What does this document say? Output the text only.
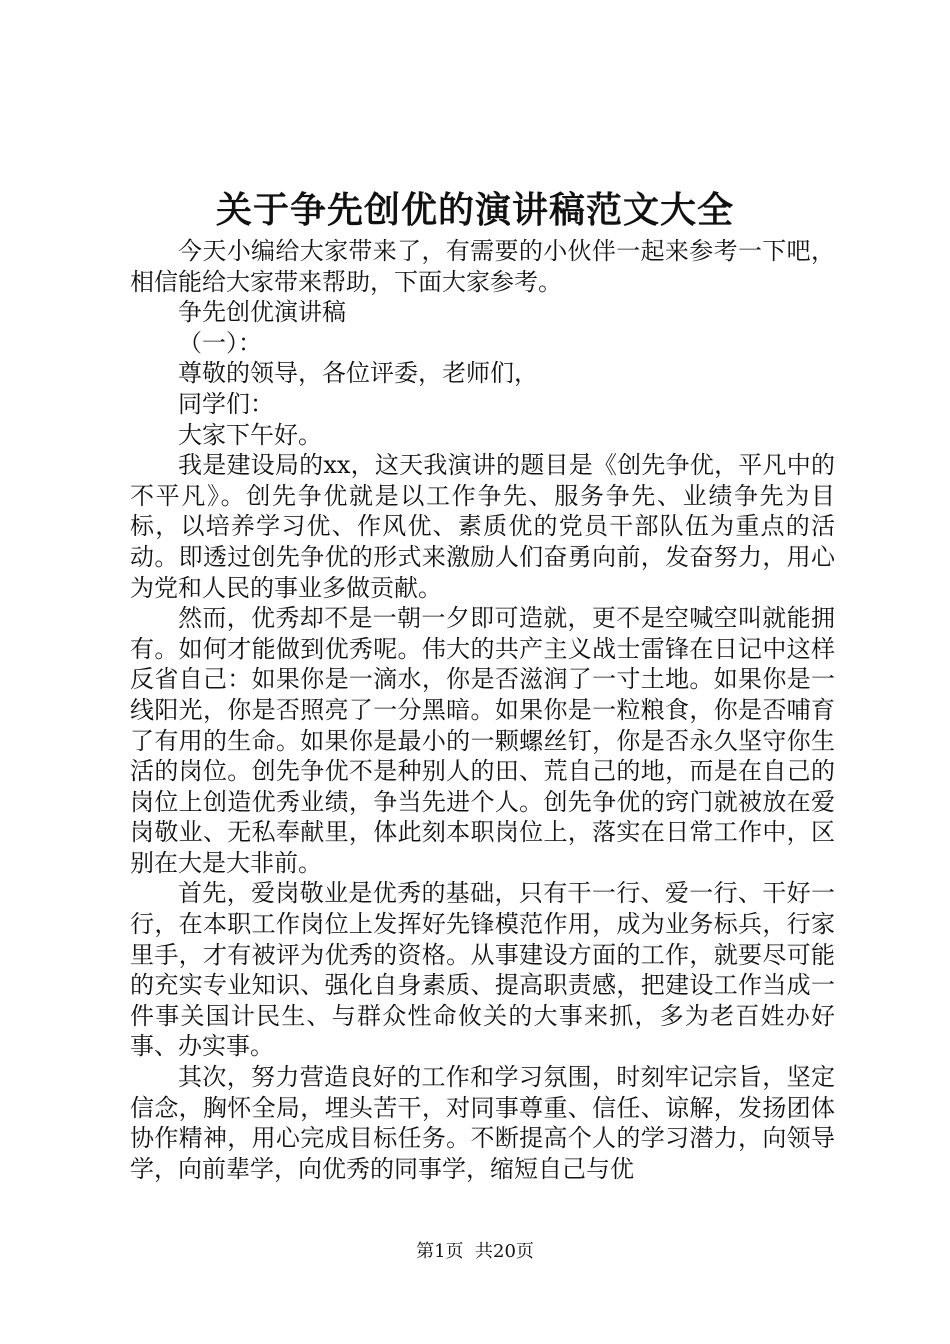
关于争先创优的演讲稿范文大全

今天小编给大家带来了，有需要的小伙伴一起来参考一下吧，相信能给大家带来帮助，下面大家参考。

争先创优演讲稿

（一）：

尊敬的领导，各位评委，老师们，

同学们：

大家下午好。

我是建设局的xx，这天我演讲的题目是《创先争优，平凡中的不平凡》。创先争优就是以工作争先、服务争先、业绩争先为目标，以培养学习优、作风优、素质优的党员干部队伍为重点的活动。即透过创先争优的形式来激励人们奋勇向前，发奋努力，用心为党和人民的事业多做贡献。

然而，优秀却不是一朝一夕即可造就，更不是空喊空叫就能拥有。如何才能做到优秀呢。伟大的共产主义战士雷锋在日记中这样反省自己：如果你是一滴水，你是否滋润了一寸土地。如果你是一线阳光，你是否照亮了一分黑暗。如果你是一粒粮食，你是否哺育了有用的生命。如果你是最小的一颗螺丝钉，你是否永久坚守你生活的岗位。创先争优不是种别人的田、荒自己的地，而是在自己的岗位上创造优秀业绩，争当先进个人。创先争优的窍门就被放在爱岗敬业、无私奉献里，体此刻本职岗位上，落实在日常工作中，区别在大是大非前。

首先，爱岗敬业是优秀的基础，只有干一行、爱一行、干好一行，在本职工作岗位上发挥好先锋模范作用，成为业务标兵，行家里手，才有被评为优秀的资格。从事建设方面的工作，就要尽可能的充实专业知识、强化自身素质、提高职责感，把建设工作当成一件事关国计民生、与群众性命攸关的大事来抓，多为老百姓办好事、办实事。

其次，努力营造良好的工作和学习氛围，时刻牢记宗旨，坚定信念，胸怀全局，埋头苦干，对同事尊重、信任、谅解，发扬团体协作精神，用心完成目标任务。不断提高个人的学习潜力，向领导学，向前辈学，向优秀的同事学，缩短自己与优

第1页 共20页
